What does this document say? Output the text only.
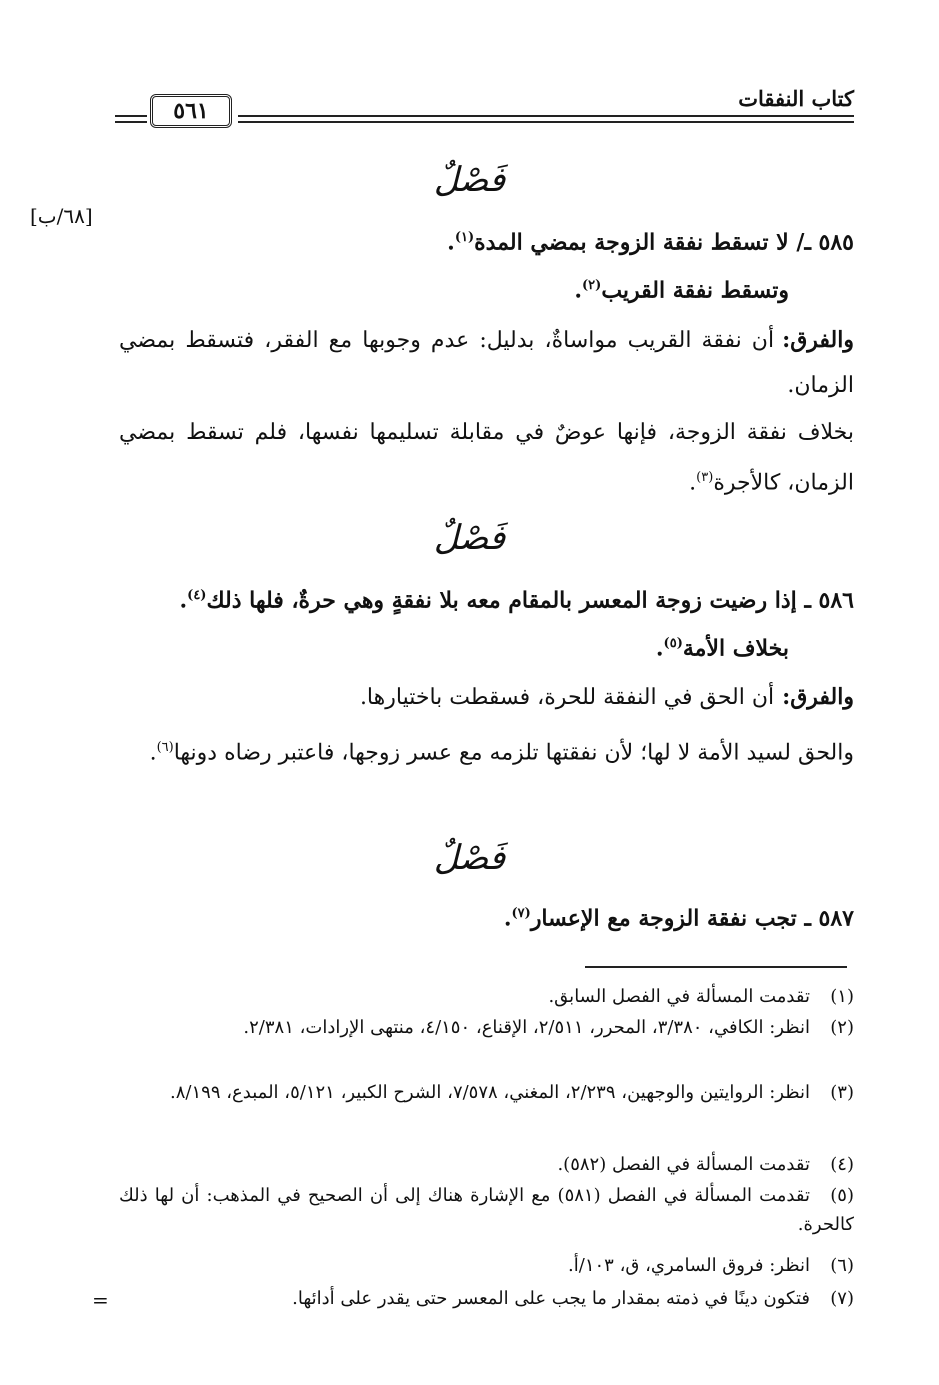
كتاب النفقات
٥٦١
[٦٨/ب]
فَصْلٌ
٥٨٥ ـ/ لا تسقط نفقة الزوجة بمضي المدة$^{(١)}$.
وتسقط نفقة القريب$^{(٢)}$.
والفرق:أن نفقة القريب مواساةٌ، بدليل: عدم وجوبها مع الفقر، فتسقط بمضي الزمان.
بخلاف نفقة الزوجة، فإنها عوضٌ في مقابلة تسليمها نفسها، فلم تسقط بمضي الزمان، كالأجرة$^{(٣)}$.
فَصْلٌ
٥٨٦ ـ إذا رضيت زوجة المعسر بالمقام معه بلا نفقةٍ وهي حرةٌ، فلها ذلك$^{(٤)}$.
بخلاف الأمة$^{(٥)}$.
والفرق:أن الحق في النفقة للحرة، فسقطت باختيارها.
والحق لسيد الأمة لا لها؛ لأن نفقتها تلزمه مع عسر زوجها، فاعتبر رضاه دونها$^{(٦)}$.
فَصْلٌ
٥٨٧ ـ تجب نفقة الزوجة مع الإعسار$^{(٧)}$.
(١)تقدمت المسألة في الفصل السابق.
(٢)انظر: الكافي، ٣/٣٨٠، المحرر، ٢/٥١١، الإقناع، ٤/١٥٠، منتهى الإرادات، ٢/٣٨١.
(٣)انظر: الروايتين والوجهين، ٢/٢٣٩، المغني، ٧/٥٧٨، الشرح الكبير، ٥/١٢١، المبدع، ٨/١٩٩.
(٤)تقدمت المسألة في الفصل (٥٨٢).
(٥)تقدمت المسألة في الفصل (٥٨١) مع الإشارة هناك إلى أن الصحيح في المذهب: أن لها ذلك كالحرة.
(٦)انظر: فروق السامري، ق، ١٠٣/أ.
(٧)فتكون دينًا في ذمته بمقدار ما يجب على المعسر حتى يقدر على أدائها.
=
